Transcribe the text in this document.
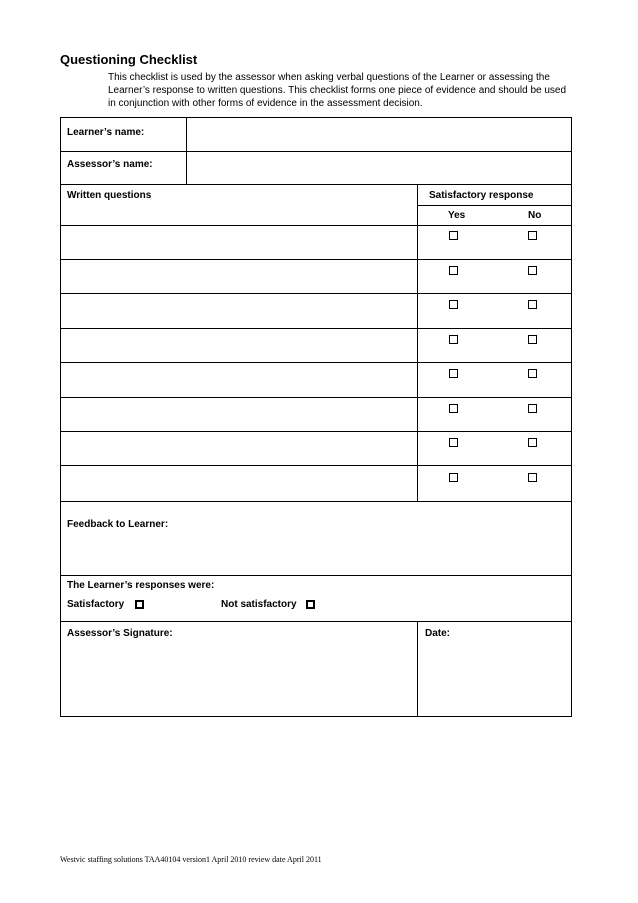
Questioning Checklist
This checklist is used by the assessor when asking verbal questions of the Learner or assessing the Learner’s response to written questions. This checklist forms one piece of evidence and should be used in conjunction with other forms of evidence in the assessment decision.
Learner’s name:
Assessor’s name:
Written questions	Satisfactory response
Yes	No
Feedback to Learner:
The Learner’s responses were:
Satisfactory	Not satisfactory
Assessor’s Signature:	Date:
Westvic staffing solutions TAA40104 version1 April 2010 review date April 2011
